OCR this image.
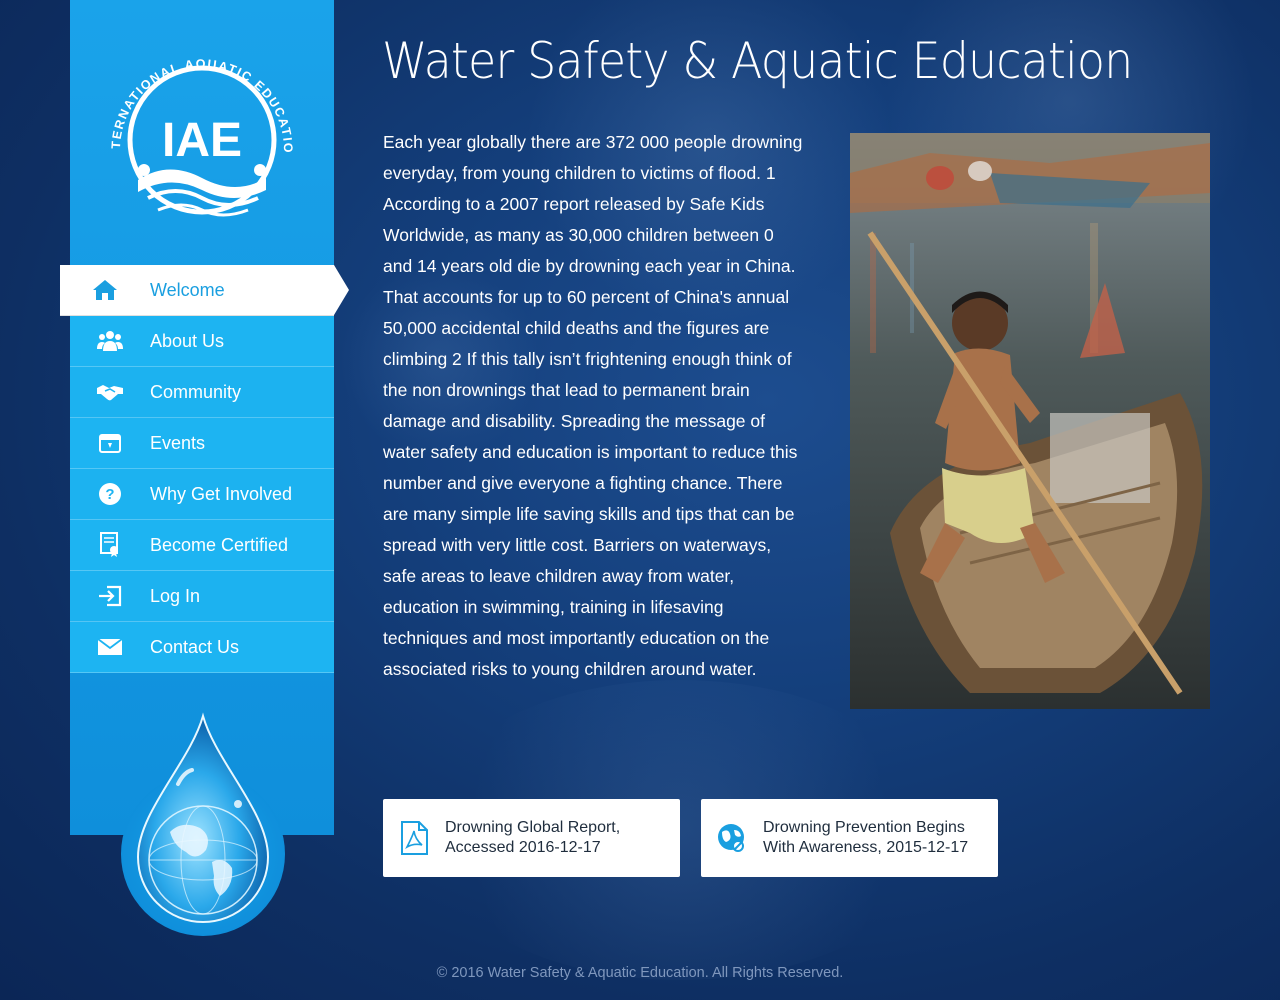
TERNATIONAL AQUATIC EDUCATIO
IAE
Welcome
About Us
Community
Events
? Why Get Involved
Become Certified
Log In
Contact Us
Water Safety & Aquatic Education
Each year globally there are 372 000 people drowning everyday, from young children to victims of flood. 1 According to a 2007 report released by Safe Kids Worldwide, as many as 30,000 children between 0 and 14 years old die by drowning each year in China. That accounts for up to 60 percent of China's annual 50,000 accidental child deaths and the figures are climbing 2 If this tally isn’t frightening enough think of the non drownings that lead to permanent brain damage and disability. Spreading the message of water safety and education is important to reduce this number and give everyone a fighting chance. There are many simple life saving skills and tips that can be spread with very little cost. Barriers on waterways, safe areas to leave children away from water, education in swimming, training in lifesaving techniques and most importantly education on the associated risks to young children around water.
Drowning Global Report,
Accessed 2016-12-17
Drowning Prevention Begins
With Awareness, 2015-12-17
© 2016 Water Safety & Aquatic Education. All Rights Reserved.
